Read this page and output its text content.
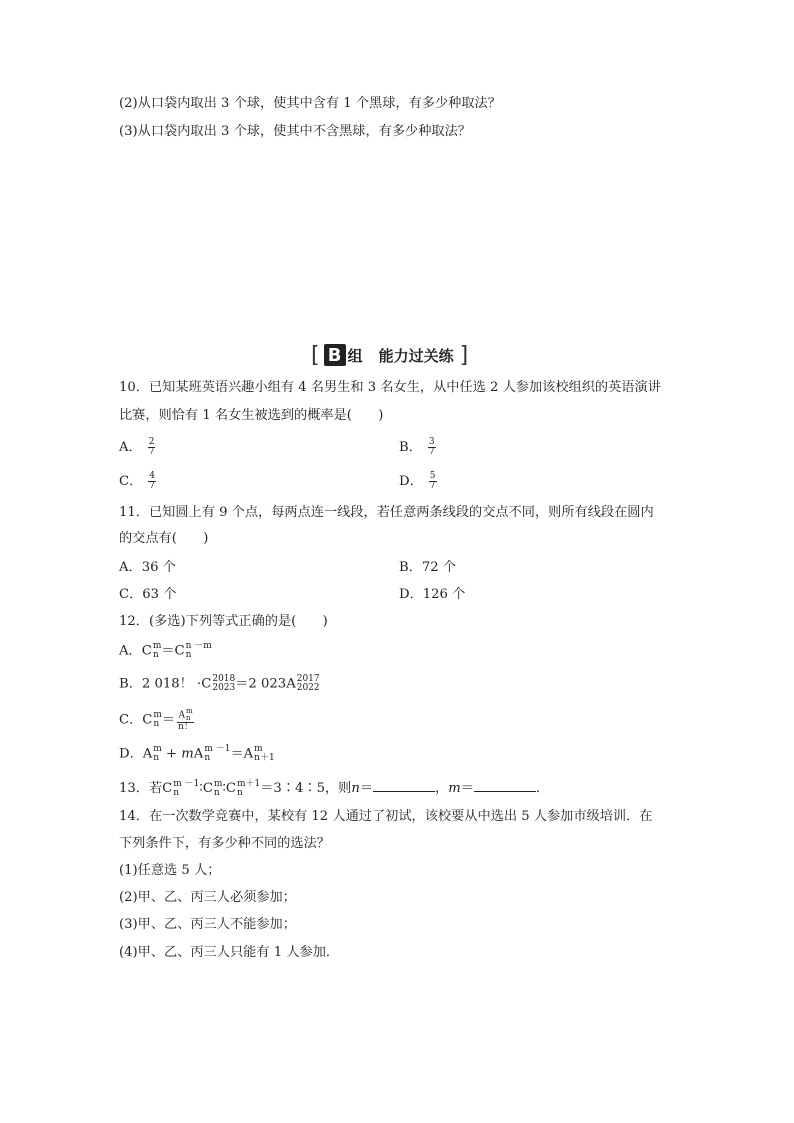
(2)从口袋内取出 3 个球，使其中含有 1 个黑球，有多少种取法？
(3)从口袋内取出 3 个球，使其中不含黑球，有多少种取法？
[ B 组 能力过关练 ]
10．已知某班英语兴趣小组有 4 名男生和 3 名女生，从中任选 2 人参加该校组织的英语演讲
比赛，则恰有 1 名女生被选到的概率是(　　)
A． $\frac{2}{7}$	B． $\frac{3}{7}$
C． $\frac{4}{7}$	D． $\frac{5}{7}$
11．已知圆上有 9 个点，每两点连一线段，若任意两条线段的交点不同，则所有线段在圆内
的交点有(　　)
A．36 个	B．72 个
C．63 个	D．126 个
12．(多选)下列等式正确的是(　　)
A．C m
n ＝C n －m
n
B．2 018！ ·C 2018
2023 ＝2 023A 2017
2022
C．C m
n ＝ A m
n
n！
D．A m
n + mA m －1
n	＝A m
n＋1
13．若C m －1
n	∶C m
n ∶C m＋1
n	＝3∶4∶5，则n＝	，m＝	．
14．在一次数学竞赛中，某校有 12 人通过了初试，该校要从中选出 5 人参加市级培训．在
下列条件下，有多少种不同的选法？
(1)任意选 5 人；
(2)甲、乙、丙三人必须参加；
(3)甲、乙、丙三人不能参加；
(4)甲、乙、丙三人只能有 1 人参加．
